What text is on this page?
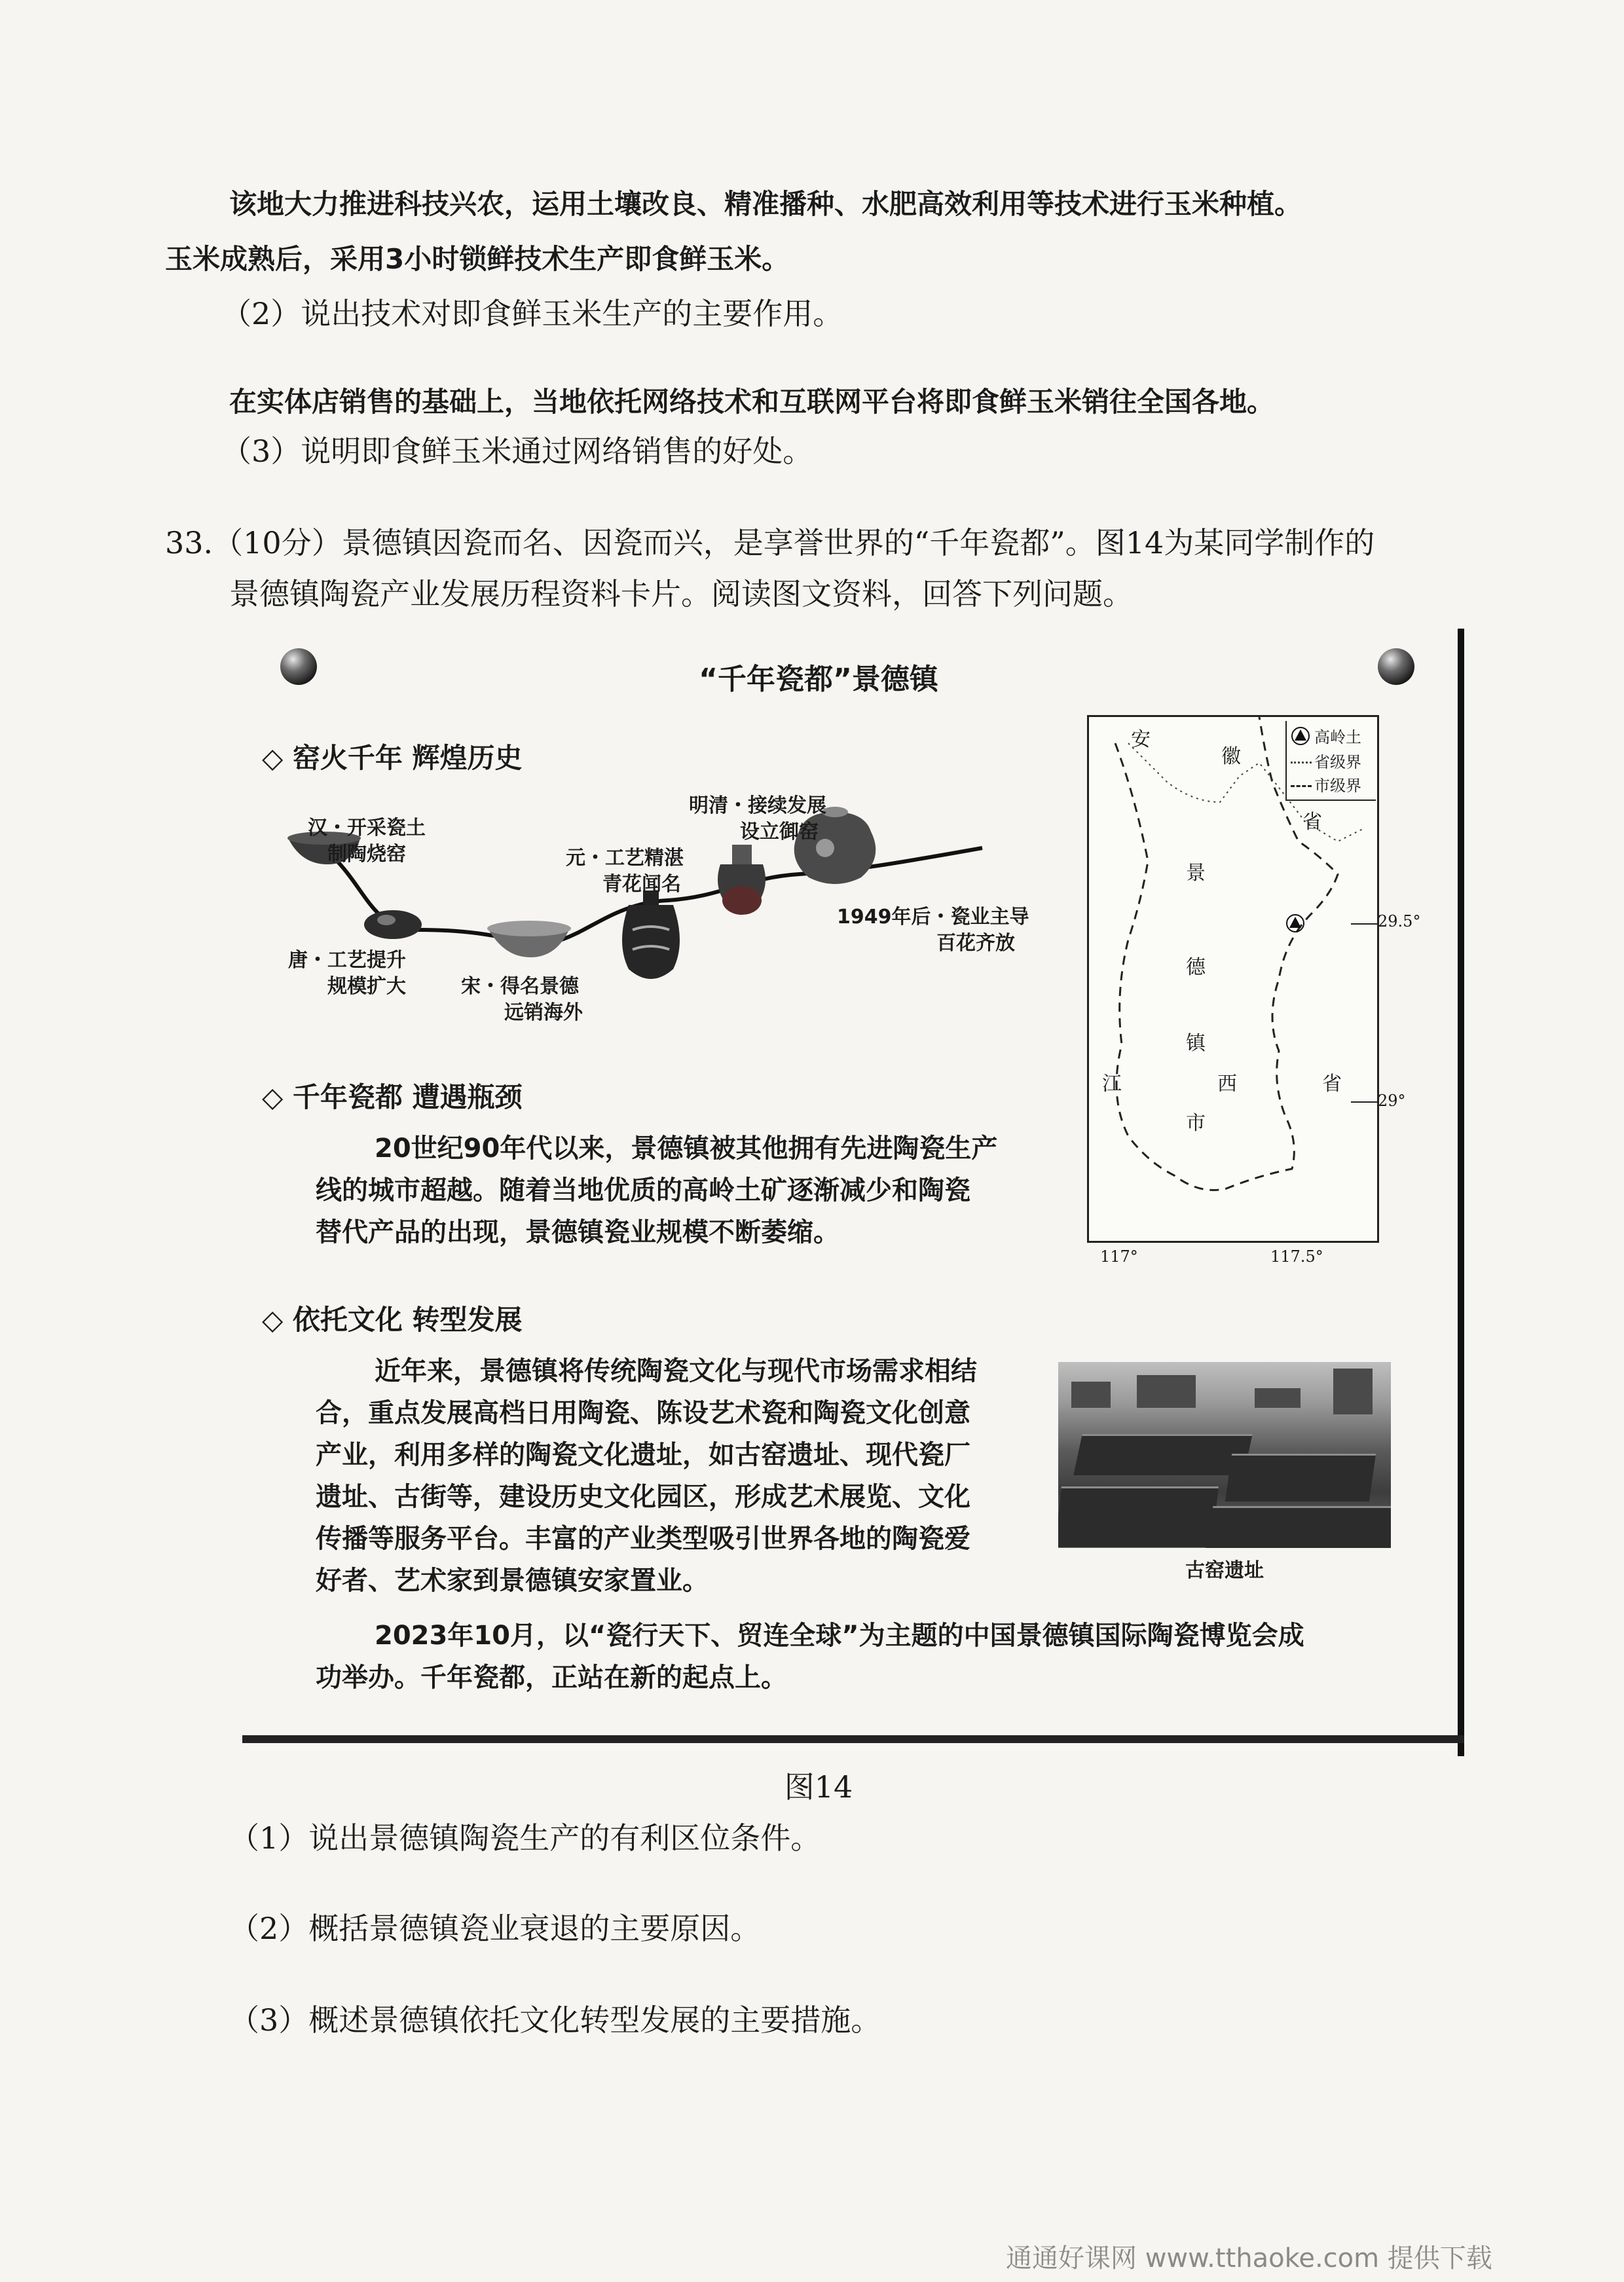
该地大力推进科技兴农，运用土壤改良、精准播种、水肥高效利用等技术进行玉米种植。
玉米成熟后，采用3小时锁鲜技术生产即食鲜玉米。
（2）说出技术对即食鲜玉米生产的主要作用。
在实体店销售的基础上，当地依托网络技术和互联网平台将即食鲜玉米销往全国各地。
（3）说明即食鲜玉米通过网络销售的好处。
33.（10分）景德镇因瓷而名、因瓷而兴，是享誉世界的“千年瓷都”。图14为某同学制作的
景德镇陶瓷产业发展历程资料卡片。阅读图文资料，回答下列问题。
“千年瓷都”景德镇
◇ 窑火千年 辉煌历史
汉・开采瓷土
制陶烧窑
唐・工艺提升
规模扩大	宋・得名景德
远销海外
元・工艺精湛
青花闻名
明清・接续发展
设立御窑
1949年后・瓷业主导
百花齐放
高岭土
省级界
市级界
安
徽
省
景
德
镇
市
江	西	省
29.5°
29°
117°	117.5°
◇ 千年瓷都 遭遇瓶颈
20世纪90年代以来，景德镇被其他拥有先进陶瓷生产
线的城市超越。随着当地优质的高岭土矿逐渐减少和陶瓷
替代产品的出现，景德镇瓷业规模不断萎缩。
◇ 依托文化 转型发展
近年来，景德镇将传统陶瓷文化与现代市场需求相结
合，重点发展高档日用陶瓷、陈设艺术瓷和陶瓷文化创意
产业，利用多样的陶瓷文化遗址，如古窑遗址、现代瓷厂
遗址、古街等，建设历史文化园区，形成艺术展览、文化
传播等服务平台。丰富的产业类型吸引世界各地的陶瓷爱
好者、艺术家到景德镇安家置业。	古窑遗址
2023年10月，以“瓷行天下、贸连全球”为主题的中国景德镇国际陶瓷博览会成
功举办。千年瓷都，正站在新的起点上。
图14
（1）说出景德镇陶瓷生产的有利区位条件。
（2）概括景德镇瓷业衰退的主要原因。
（3）概述景德镇依托文化转型发展的主要措施。
通通好课网 www.tthaoke.com 提供下载
